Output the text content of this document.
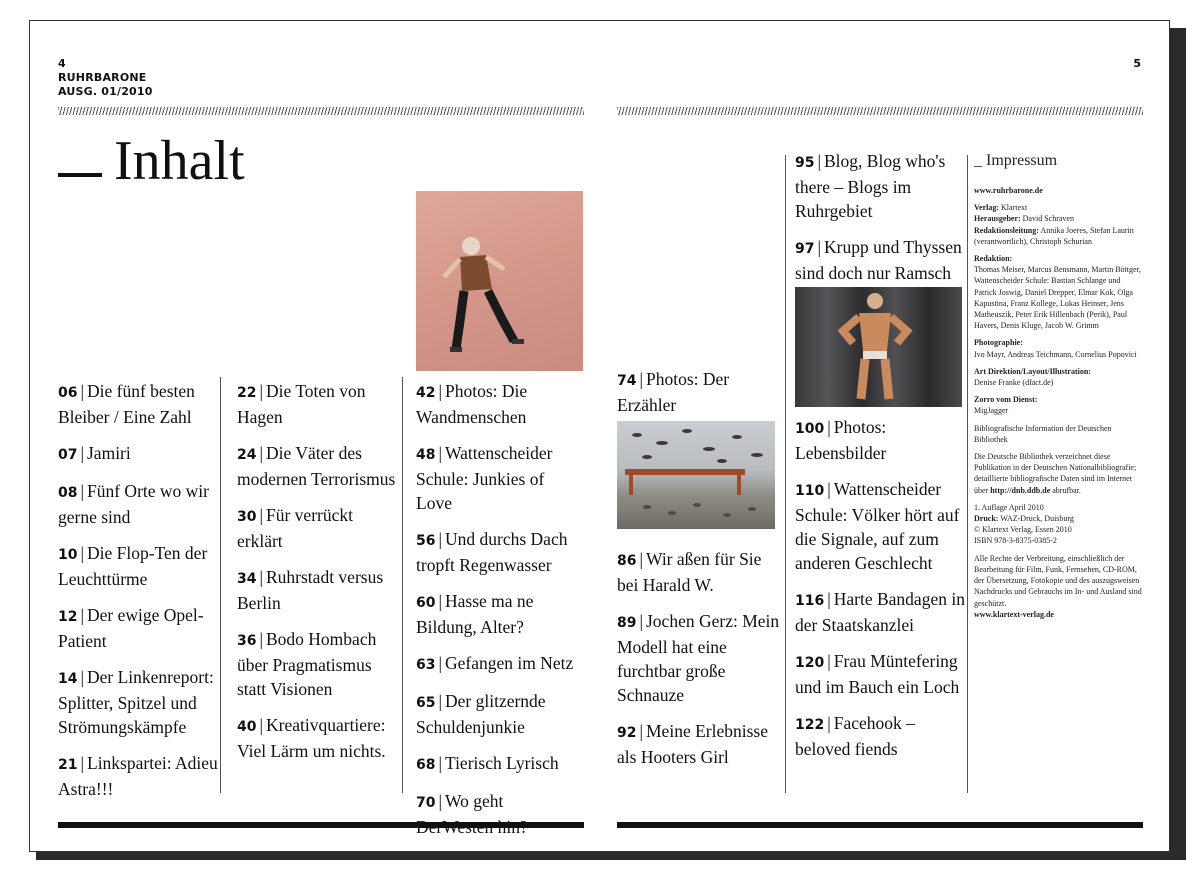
4
RUHRBARONE
AUSG. 01/2010
5
Inhalt
06 | Die fünf besten Bleiber / Eine Zahl
07 | Jamiri
08 | Fünf Orte wo wir gerne sind
10 | Die Flop-Ten der Leuchttürme
12 | Der ewige Opel-Patient
14 | Der Linkenreport: Splitter, Spitzel und Strömungskämpfe
21 | Linkspartei: Adieu Astra!!!
22 | Die Toten von Hagen
24 | Die Väter des modernen Terrorismus
30 | Für verrückt erklärt
34 | Ruhrstadt versus Berlin
36 | Bodo Hombach über Pragmatismus statt Visionen
40 | Kreativquartiere: Viel Lärm um nichts.
42 | Photos: Die Wandmenschen
48 | Wattenscheider Schule: Junkies of Love
56 | Und durchs Dach tropft Regenwasser
60 | Hasse ma ne Bildung, Alter?
63 | Gefangen im Netz
65 | Der glitzernde Schuldenjunkie
68 | Tierisch Lyrisch
70 | Wo geht
74 | Photos: Der Erzähler
86 | Wir aßen für Sie bei Harald W.
89 | Jochen Gerz: Mein Modell hat eine furchtbar große Schnauze
92 | Meine Erlebnisse als Hooters Girl
95 | Blog, Blog who's there – Blogs im Ruhrgebiet
97 | Krupp und Thyssen sind doch nur Ramsch
100 | Photos: Lebensbilder
110 | Wattenscheider Schule: Völker hört auf die Signale, auf zum anderen Geschlecht
116 | Harte Bandagen in der Staatskanzlei
120 | Frau Müntefering und im Bauch ein Loch
122 | Facehook – beloved fiends
_ Impressum
www.ruhrbarone.de
Verlag: Klartext
Herausgeber: David Schraven
Redaktionsleitung: Annika Joeres, Stefan Laurin (verantwortlich), Christoph Schurian
Redaktion:
Thomas Meiser, Marcus Bensmann, Martin Böttger, Wattenscheider Schule: Bastian Schlange und Patrick Joswig, Daniel Drepper, Elmar Kok, Olga Kapustina, Franz Kollege, Lukas Heinser, Jens Matheuszik, Peter Erik Hillenbach (Perik), Paul Havers, Denis Kluge, Jacob W. Grimm
Photographie:
Ivo Mayr, Andreas Teichmann, Cornelius Popovici
Art Direktion/Layout/Illustration:
Denise Franke (dfact.de)
Zorro vom Dienst:
MigJagger
Bibliografische Information der Deutschen Bibliothek
Die Deutsche Bibliothek verzeichnet diese Publikation in der Deutschen Nationalbibliografie; detaillierte bibliografische Daten sind im Internet über http://dnb.ddb.de abrufbar.
1. Auflage April 2010
Druck: WAZ-Druck, Duisburg
© Klartext Verlag, Essen 2010
ISBN 978-3-8375-0385-2
Alle Rechte der Verbreitung, einschließlich der Bearbeitung für Film, Funk, Fernsehen, CD-ROM, der Übersetzung, Fotokopie und des auszugsweisen Nachdrucks und Gebrauchs im In- und Ausland sind geschützt.
www.klartext-verlag.de
